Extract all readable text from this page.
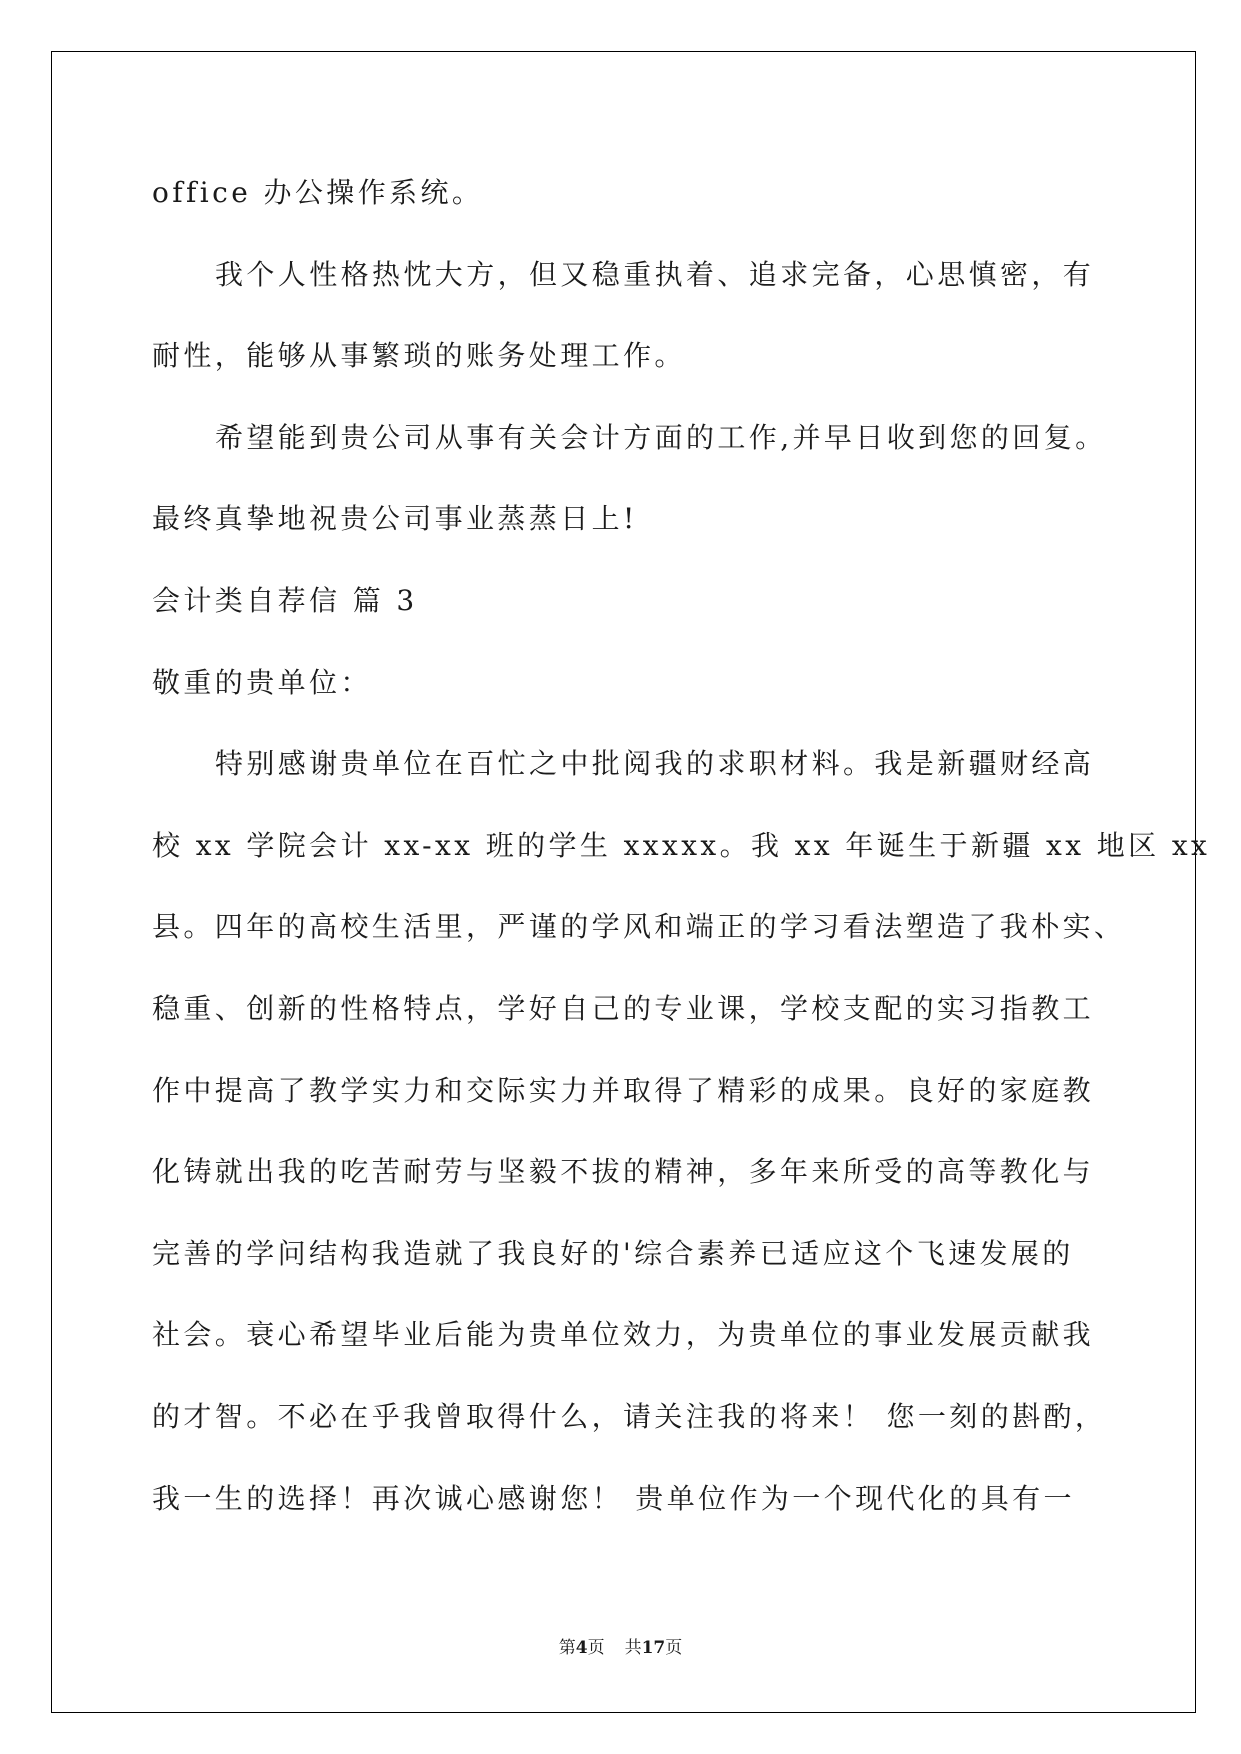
office 办公操作系统。
我个人性格热忱大方，但又稳重执着、追求完备，心思慎密，有
耐性，能够从事繁琐的账务处理工作。
希望能到贵公司从事有关会计方面的工作,并早日收到您的回复。
最终真挚地祝贵公司事业蒸蒸日上!
会计类自荐信 篇 3
敬重的贵单位：
特别感谢贵单位在百忙之中批阅我的求职材料。我是新疆财经高
校 xx 学院会计 xx-xx 班的学生 xxxxx。我 xx 年诞生于新疆 xx 地区 xx
县。四年的高校生活里，严谨的学风和端正的学习看法塑造了我朴实、
稳重、创新的性格特点，学好自己的专业课，学校支配的实习指教工
作中提高了教学实力和交际实力并取得了精彩的成果。良好的家庭教
化铸就出我的吃苦耐劳与坚毅不拔的精神，多年来所受的高等教化与
完善的学问结构我造就了我良好的'综合素养已适应这个飞速发展的
社会。衰心希望毕业后能为贵单位效力，为贵单位的事业发展贡献我
的才智。不必在乎我曾取得什么，请关注我的将来！ 您一刻的斟酌，
我一生的选择！再次诚心感谢您！ 贵单位作为一个现代化的具有一
第4页 共17页
